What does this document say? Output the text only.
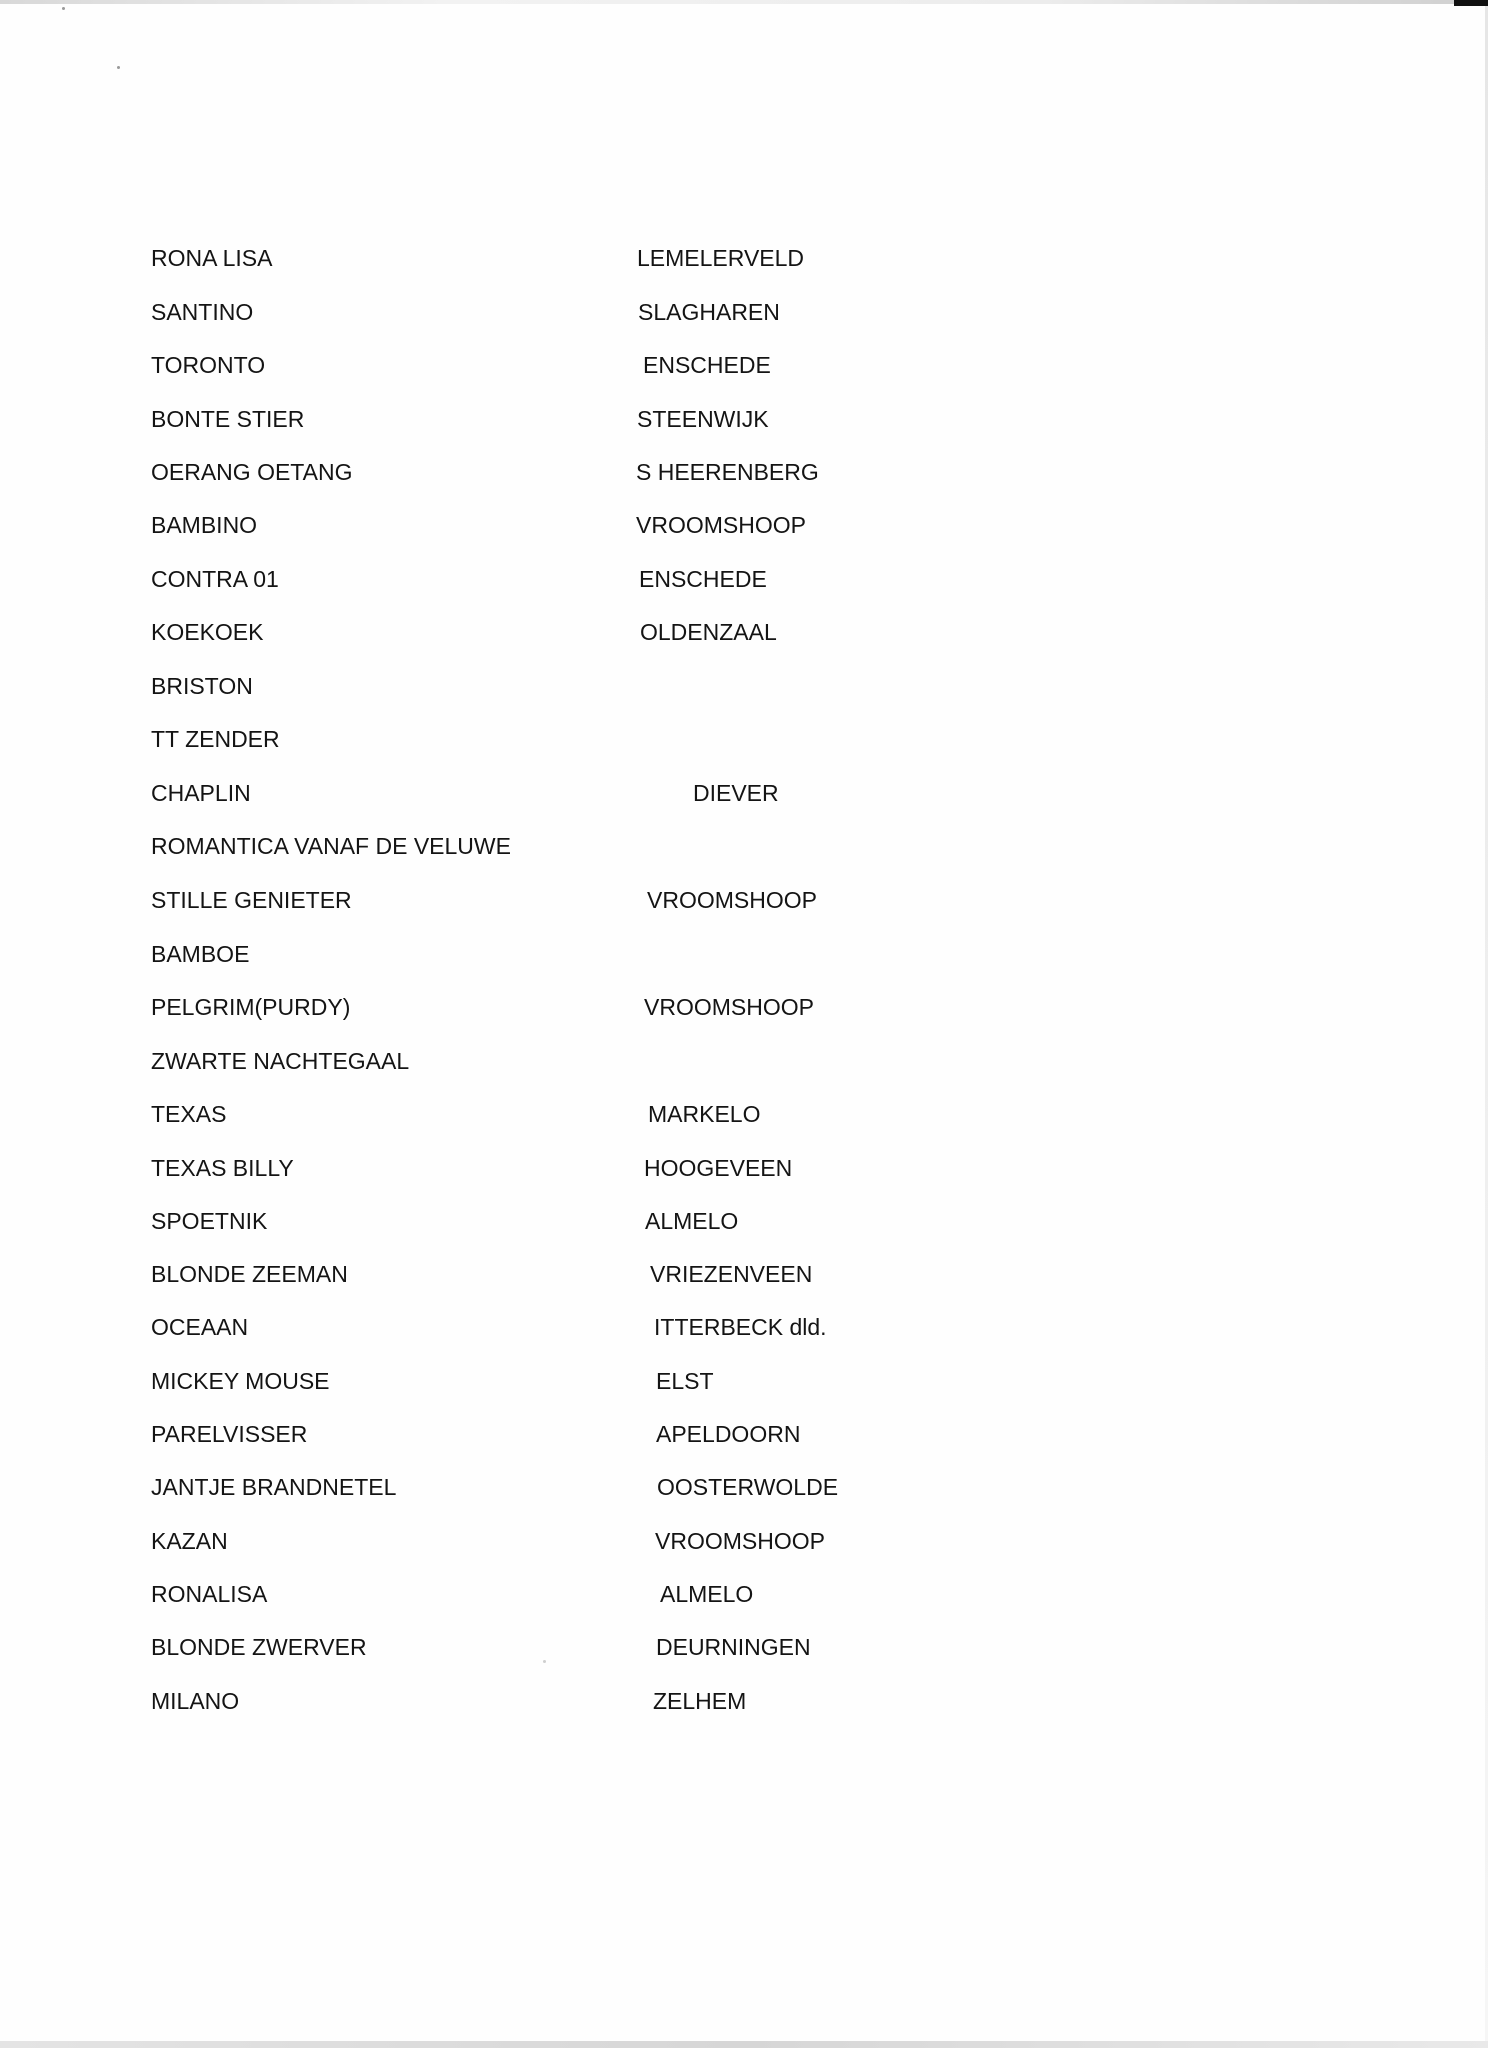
RONA LISA	LEMELERVELD
SANTINO	SLAGHAREN
TORONTO	ENSCHEDE
BONTE STIER	STEENWIJK
OERANG OETANG	S HEERENBERG
BAMBINO	VROOMSHOOP
CONTRA 01	ENSCHEDE
KOEKOEK	OLDENZAAL
BRISTON
TT ZENDER
CHAPLIN	DIEVER
ROMANTICA VANAF DE VELUWE
STILLE GENIETER	VROOMSHOOP
BAMBOE
PELGRIM(PURDY)	VROOMSHOOP
ZWARTE NACHTEGAAL
TEXAS	MARKELO
TEXAS BILLY	HOOGEVEEN
SPOETNIK	ALMELO
BLONDE ZEEMAN	VRIEZENVEEN
OCEAAN	ITTERBECK dld.
MICKEY MOUSE	ELST
PARELVISSER	APELDOORN
JANTJE BRANDNETEL	OOSTERWOLDE
KAZAN	VROOMSHOOP
RONALISA	ALMELO
BLONDE ZWERVER	DEURNINGEN
MILANO	ZELHEM
